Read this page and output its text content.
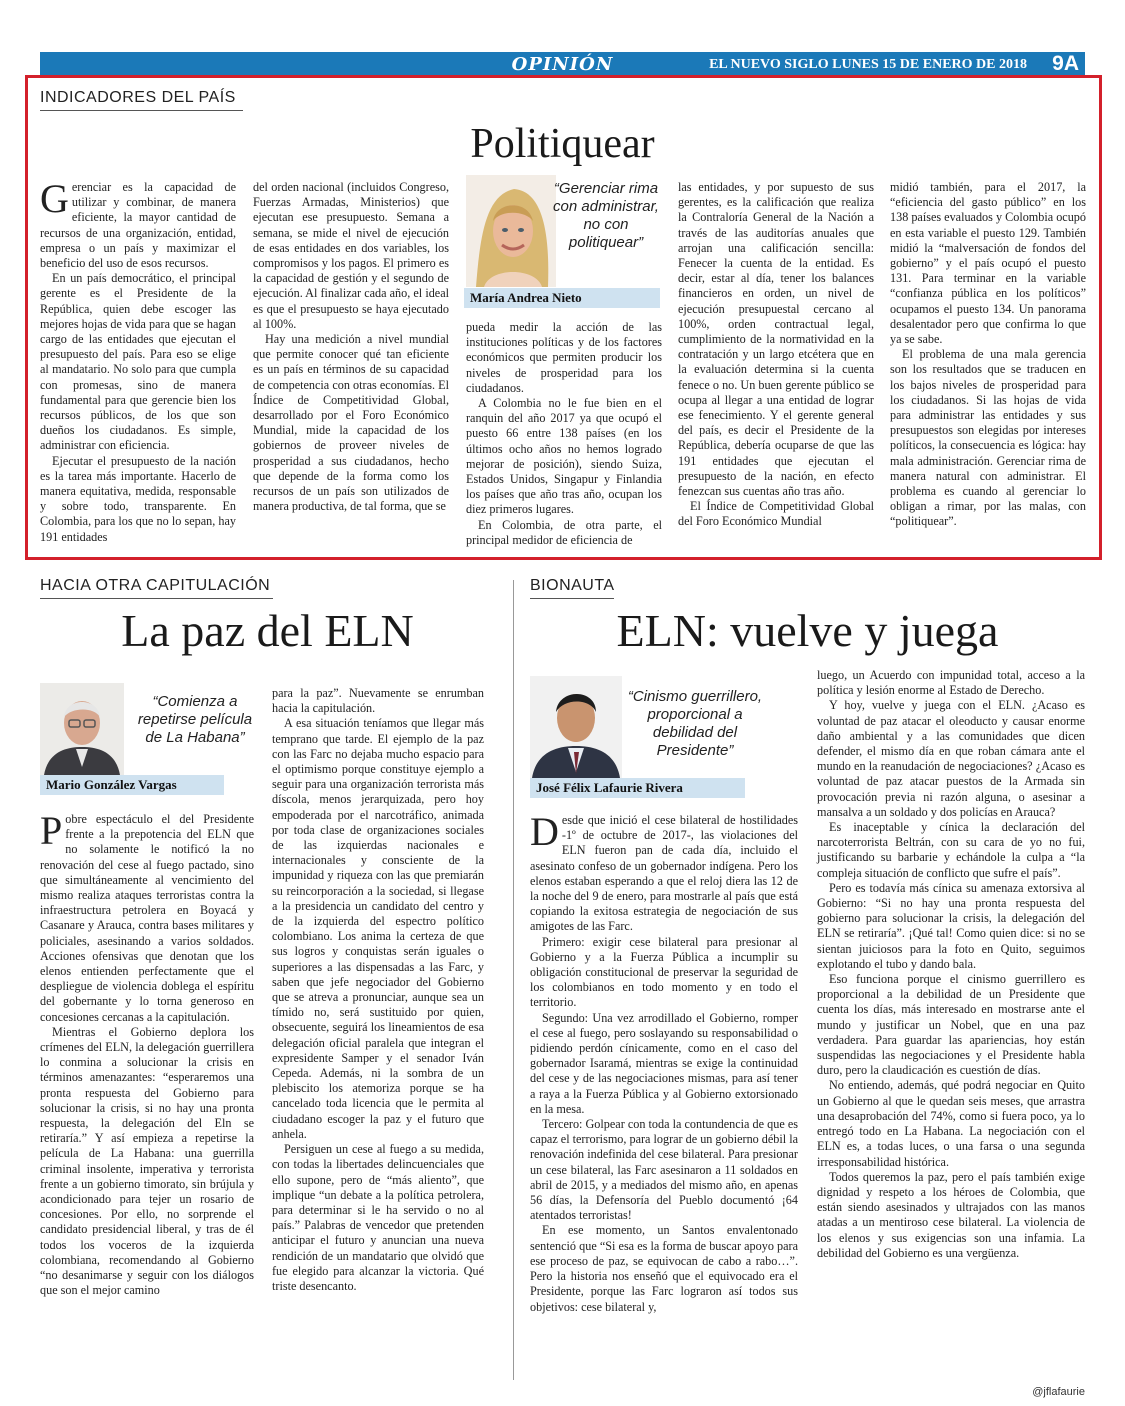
OPINIÓN	EL NUEVO SIGLO LUNES 15 DE ENERO DE 2018 9A
INDICADORES DEL PAÍS
Politiquear

Gerenciar es la capacidad de utilizar y combinar, de manera eficiente, la mayor cantidad de recursos de una organización, entidad, empresa o un país y maximizar el beneficio del uso de esos recursos.

En un país democrático, el principal gerente es el Presidente de la República, quien debe escoger las mejores hojas de vida para que se hagan cargo de las entidades que ejecutan el presupuesto del país. Para eso se elige al mandatario. No solo para que cumpla con promesas, sino de manera fundamental para que gerencie bien los recursos públicos, de los que son dueños los ciudadanos. Es simple, administrar con eficiencia.

Ejecutar el presupuesto de la nación es la tarea más importante. Hacerlo de manera equitativa, medida, responsable y sobre todo, transparente. En Colombia, para los que no lo sepan, hay 191 entidades

del orden nacional (incluidos Congreso, Fuerzas Armadas, Ministerios) que ejecutan ese presupuesto. Semana a semana, se mide el nivel de ejecución de esas entidades en dos variables, los compromisos y los pagos. El primero es la capacidad de gestión y el segundo de ejecución. Al finalizar cada año, el ideal es que el presupuesto se haya ejecutado al 100%.

Hay una medición a nivel mundial que permite conocer qué tan eficiente es un país en términos de su capacidad de competencia con otras economías. El Índice de Competitividad Global, desarrollado por el Foro Económico Mundial, mide la capacidad de los gobiernos de proveer niveles de prosperidad a sus ciudadanos, hecho que depende de la forma como los recursos de un país son utilizados de manera productiva, de tal forma, que se

“Gerenciar rima con administrar, no con politiquear”
María Andrea Nieto

pueda medir la acción de las instituciones políticas y de los factores económicos que permiten producir los niveles de prosperidad para los ciudadanos.

A Colombia no le fue bien en el ranquin del año 2017 ya que ocupó el puesto 66 entre 138 países (en los últimos ocho años no hemos logrado mejorar de posición), siendo Suiza, Estados Unidos, Singapur y Finlandia los países que año tras año, ocupan los diez primeros lugares.

En Colombia, de otra parte, el principal medidor de eficiencia de

las entidades, y por supuesto de sus gerentes, es la calificación que realiza la Contraloría General de la Nación a través de las auditorías anuales que arrojan una calificación sencilla: Fenecer la cuenta de la entidad. Es decir, estar al día, tener los balances financieros en orden, un nivel de ejecución presupuestal cercano al 100%, orden contractual legal, cumplimiento de la normatividad en la contratación y un largo etcétera que en la evaluación determina si la cuenta fenece o no. Un buen gerente público se ocupa al llegar a una entidad de lograr ese fenecimiento. Y el gerente general del país, es decir el Presidente de la República, debería ocuparse de que las 191 entidades que ejecutan el presupuesto de la nación, en efecto fenezcan sus cuentas año tras año.

El Índice de Competitividad Global del Foro Económico Mundial

midió también, para el 2017, la “eficiencia del gasto público” en los 138 países evaluados y Colombia ocupó en esta variable el puesto 129. También midió la “malversación de fondos del gobierno” y el país ocupó el puesto 131. Para terminar en la variable “confianza pública en los políticos” ocupamos el puesto 134. Un panorama desalentador pero que confirma lo que ya se sabe.

El problema de una mala gerencia son los resultados que se traducen en los bajos niveles de prosperidad para los ciudadanos. Si las hojas de vida para administrar las entidades y sus presupuestos son elegidas por intereses políticos, la consecuencia es lógica: hay mala administración. Gerenciar rima de manera natural con administrar. El problema es cuando al gerenciar lo obligan a rimar, por las malas, con “politiquear”.

HACIA OTRA CAPITULACIÓN
La paz del ELN
“Comienza a repetirse película de La Habana”
Mario González Vargas

Pobre espectáculo el del Presidente frente a la prepotencia del ELN que no solamente le notificó la no renovación del cese al fuego pactado, sino que simultáneamente al vencimiento del mismo realiza ataques terroristas contra la infraestructura petrolera en Boyacá y Casanare y Arauca, contra bases militares y policiales, asesinando a varios soldados. Acciones ofensivas que denotan que los elenos entienden perfectamente que el despliegue de violencia doblega el espíritu del gobernante y lo torna generoso en concesiones cercanas a la capitulación.

Mientras el Gobierno deplora los crímenes del ELN, la delegación guerrillera lo conmina a solucionar la crisis en términos amenazantes: “esperaremos una pronta respuesta del Gobierno para solucionar la crisis, si no hay una pronta respuesta, la delegación del Eln se retiraría.” Y así empieza a repetirse la película de La Habana: una guerrilla criminal insolente, imperativa y terrorista frente a un gobierno timorato, sin brújula y acondicionado para tejer un rosario de concesiones. Por ello, no sorprende el candidato presidencial liberal, y tras de él todos los voceros de la izquierda colombiana, recomendando al Gobierno “no desanimarse y seguir con los diálogos que son el mejor camino

para la paz”. Nuevamente se enrumban hacia la capitulación.

A esa situación teníamos que llegar más temprano que tarde. El ejemplo de la paz con las Farc no dejaba mucho espacio para el optimismo porque constituye ejemplo a seguir para una organización terrorista más díscola, menos jerarquizada, pero hoy empoderada por el narcotráfico, animada por toda clase de organizaciones sociales de las izquierdas nacionales e internacionales y consciente de la impunidad y riqueza con las que premiarán su reincorporación a la sociedad, si llegase a la presidencia un candidato del centro y de la izquierda del espectro político colombiano. Los anima la certeza de que sus logros y conquistas serán iguales o superiores a las dispensadas a las Farc, y saben que jefe negociador del Gobierno que se atreva a pronunciar, aunque sea un tímido no, será sustituido por quien, obsecuente, seguirá los lineamientos de esa delegación oficial paralela que integran el expresidente Samper y el senador Iván Cepeda. Además, ni la sombra de un plebiscito los atemoriza porque se ha cancelado toda licencia que le permita al ciudadano escoger la paz y el futuro que anhela.

Persiguen un cese al fuego a su medida, con todas la libertades delincuenciales que ello supone, pero de “más aliento”, que implique “un debate a la política petrolera, para determinar si le ha servido o no al país.” Palabras de vencedor que pretenden anticipar el futuro y anuncian una nueva rendición de un mandatario que olvidó que fue elegido para alcanzar la victoria. Qué triste desencanto.

BIONAUTA
ELN: vuelve y juega
“Cinismo guerrillero, proporcional a debilidad del Presidente”
José Félix Lafaurie Rivera

Desde que inició el cese bilateral de hostilidades -1º de octubre de 2017-, las violaciones del ELN fueron pan de cada día, incluido el asesinato confeso de un gobernador indígena. Pero los elenos estaban esperando a que el reloj diera las 12 de la noche del 9 de enero, para mostrarle al país que está copiando la exitosa estrategia de negociación de sus amigotes de las Farc.

Primero: exigir cese bilateral para presionar al Gobierno y a la Fuerza Pública a incumplir su obligación constitucional de preservar la seguridad de los colombianos en todo momento y en todo el territorio.

Segundo: Una vez arrodillado el Gobierno, romper el cese al fuego, pero soslayando su responsabilidad o pidiendo perdón cínicamente, como en el caso del gobernador Isaramá, mientras se exige la continuidad del cese y de las negociaciones mismas, para así tener a raya a la Fuerza Pública y al Gobierno extorsionado en la mesa.

Tercero: Golpear con toda la contundencia de que es capaz el terrorismo, para lograr de un gobierno débil la renovación indefinida del cese bilateral. Para presionar un cese bilateral, las Farc asesinaron a 11 soldados en abril de 2015, y a mediados del mismo año, en apenas 56 días, la Defensoría del Pueblo documentó ¡64 atentados terroristas!

En ese momento, un Santos envalentonado sentenció que “Si esa es la forma de buscar apoyo para ese proceso de paz, se equivocan de cabo a rabo…”. Pero la historia nos enseñó que el equivocado era el Presidente, porque las Farc lograron así todos sus objetivos: cese bilateral y,

luego, un Acuerdo con impunidad total, acceso a la política y lesión enorme al Estado de Derecho.

Y hoy, vuelve y juega con el ELN. ¿Acaso es voluntad de paz atacar el oleoducto y causar enorme daño ambiental y a las comunidades que dicen defender, el mismo día en que roban cámara ante el mundo en la reanudación de negociaciones? ¿Acaso es voluntad de paz atacar puestos de la Armada sin provocación previa ni razón alguna, o asesinar a mansalva a un soldado y dos policías en Arauca?

Es inaceptable y cínica la declaración del narcoterrorista Beltrán, con su cara de yo no fui, justificando su barbarie y echándole la culpa a “la compleja situación de conflicto que sufre el país”.

Pero es todavía más cínica su amenaza extorsiva al Gobierno: “Si no hay una pronta respuesta del gobierno para solucionar la crisis, la delegación del ELN se retiraría”. ¡Qué tal! Como quien dice: si no se sientan juiciosos para la foto en Quito, seguimos explotando el tubo y dando bala.

Eso funciona porque el cinismo guerrillero es proporcional a la debilidad de un Presidente que cuenta los días, más interesado en mostrarse ante el mundo y justificar un Nobel, que en una paz verdadera. Para guardar las apariencias, hoy están suspendidas las negociaciones y el Presidente habla duro, pero la claudicación es cuestión de días.

No entiendo, además, qué podrá negociar en Quito un Gobierno al que le quedan seis meses, que arrastra una desaprobación del 74%, como si fuera poco, ya lo entregó todo en La Habana. La negociación con el ELN es, a todas luces, o una farsa o una segunda irresponsabilidad histórica.

Todos queremos la paz, pero el país también exige dignidad y respeto a los héroes de Colombia, que están siendo asesinados y ultrajados con las manos atadas a un mentiroso cese bilateral. La violencia de los elenos y sus exigencias son una infamia. La debilidad del Gobierno es una vergüenza.

@jflafaurie
